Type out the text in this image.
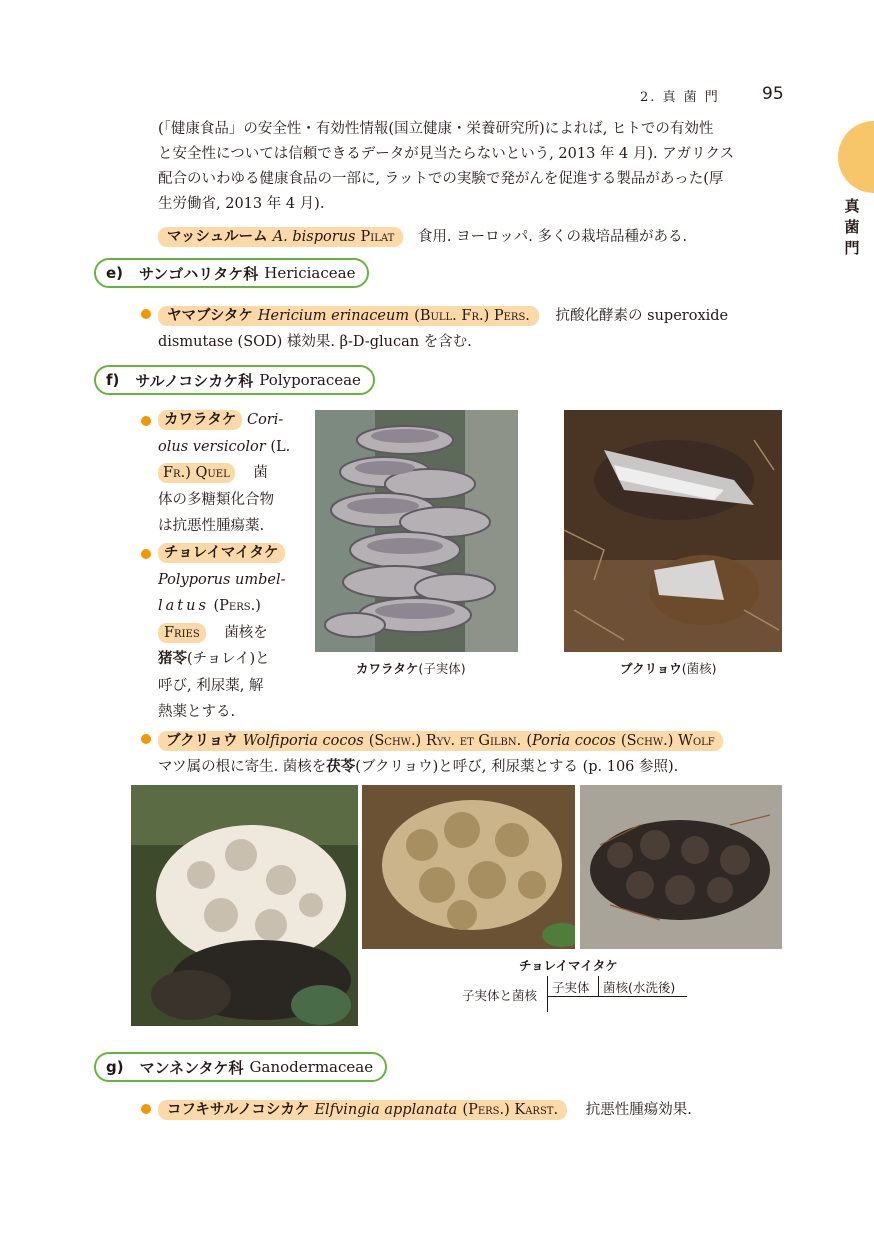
2. 真 菌 門 95
真菌門
(「健康食品」の安全性・有効性情報(国立健康・栄養研究所)によれば, ヒトでの有効性
と安全性については信頼できるデータが見当たらないという, 2013 年 4 月). アガリクス
配合のいわゆる健康食品の一部に, ラットでの実験で発がんを促進する製品があった(厚
生労働省, 2013 年 4 月).
マッシュルーム A. bisporus Pilat 食用. ヨーロッパ. 多くの栽培品種がある.
e) サンゴハリタケ科 Hericiaceae
ヤマブシタケ Hericium erinaceum (Bull. Fr.) Pers. 抗酸化酵素の superoxide
dismutase (SOD) 様効果. β-D-glucan を含む.
f) サルノコシカケ科 Polyporaceae
カワラタケ Cori-
olus versicolor (L.
Fr.) Quel 菌
体の多糖類化合物
は抗悪性腫瘍薬.
チョレイマイタケ
Polyporus umbel-
latus (Pers.)
Fries 菌核を
猪苓(チョレイ)と
呼び, 利尿薬, 解
熱薬とする.
カワラタケ(子実体)	ブクリョウ(菌核)
ブクリョウ Wolfiporia cocos (Schw.) Ryv. et Gilbn. (Poria cocos (Schw.) Wolf
マツ属の根に寄生. 菌核を茯苓(ブクリョウ)と呼び, 利尿薬とする (p. 106 参照).
チョレイマイタケ
子実体と菌核
子実体 菌核(水洗後)
g) マンネンタケ科 Ganodermaceae
コフキサルノコシカケ Elfvingia applanata (Pers.) Karst. 抗悪性腫瘍効果.
